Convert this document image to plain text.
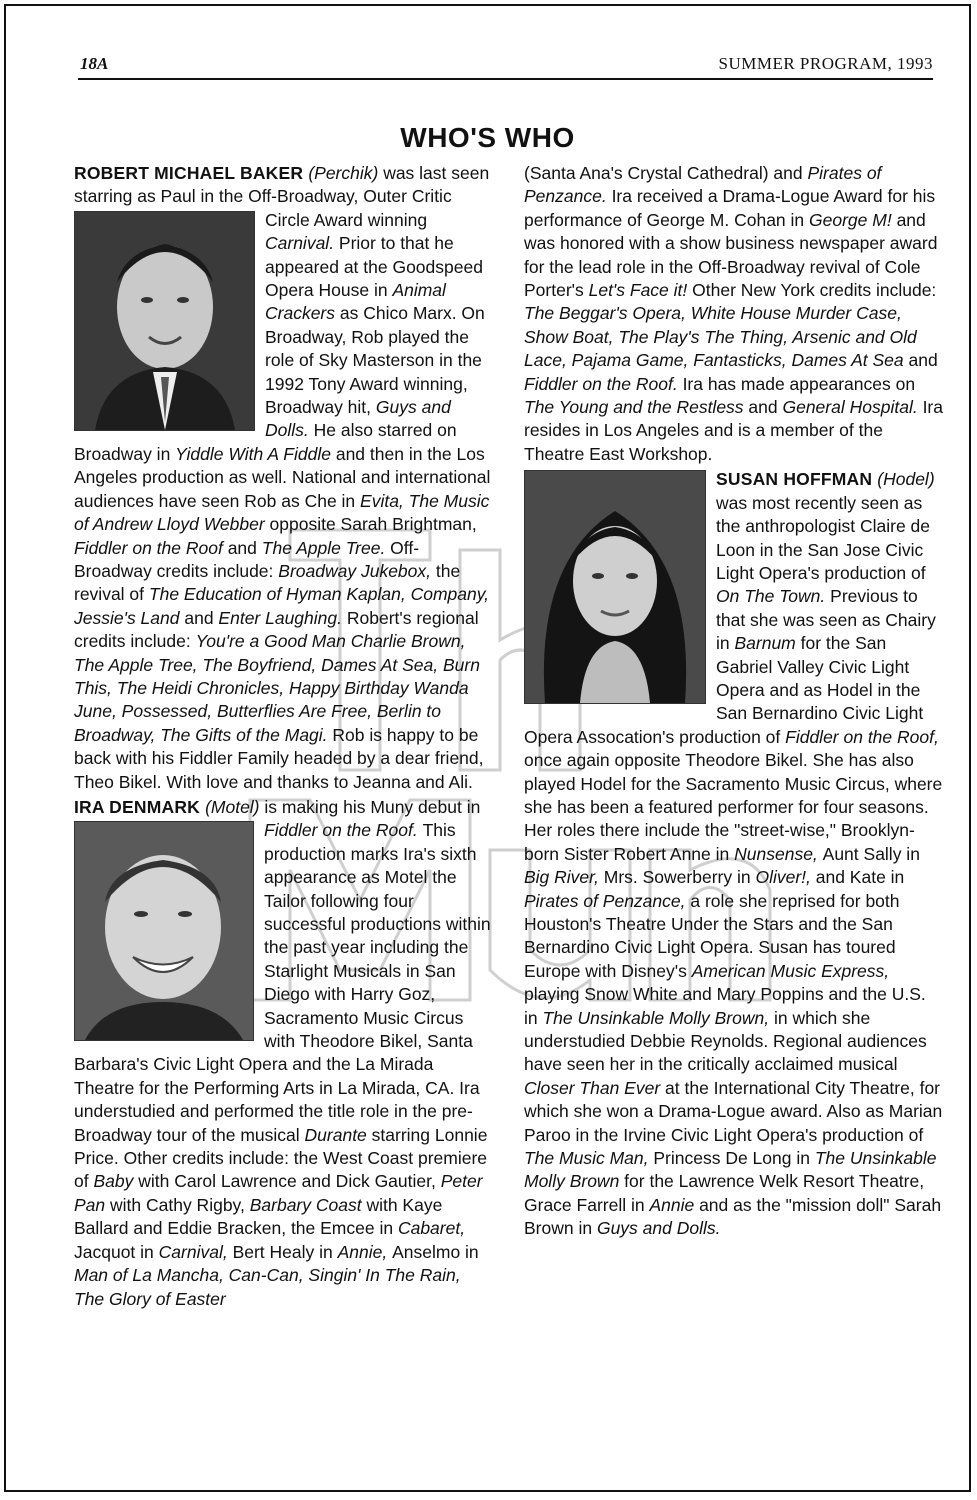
18A	SUMMER PROGRAM, 1993
WHO'S WHO

ROBERT MICHAEL BAKER (Perchik) was last seen starring as Paul in the Off-Broadway, Outer Critic Circle Award winning
Carnival. Prior to that he appeared at the Goodspeed Opera House in Animal Crackers as Chico Marx. On Broadway, Rob played the role of Sky Masterson in the 1992 Tony Award winning, Broadway hit, Guys and Dolls. He also starred on Broadway in Yiddle With A Fiddle and then in the Los Angeles production as well. National and international audiences have seen Rob as Che in Evita, The Music of Andrew Lloyd Webber opposite Sarah Brightman, Fiddler on the Roof and The Apple Tree. Off-Broadway credits include: Broadway Jukebox, the revival of The Education of Hyman Kaplan, Company, Jessie's Land and Enter Laughing. Robert's regional credits include: You're a Good Man Charlie Brown, The Apple Tree, The Boyfriend, Dames At Sea, Burn This, The Heidi Chronicles, Happy Birthday Wanda June, Possessed, Butterflies Are Free, Berlin to Broadway, The Gifts of the Magi. Rob is happy to be back with his Fiddler Family headed by a dear friend, Theo Bikel. With love and thanks to Jeanna and Ali.

IRA DENMARK (Motel) is making his Muny debut in Fiddler on the Roof.
This production marks Ira's sixth appearance as Motel the Tailor following four successful productions within the past year including the Starlight Musicals in San Diego with Harry Goz, Sacramento Music Circus with Theodore Bikel, Santa Barbara's Civic Light Opera and the La Mirada Theatre for the Performing Arts in La Mirada, CA. Ira understudied and performed the title role in the pre-Broadway tour of the musical Durante starring Lonnie Price. Other credits include: the West Coast premiere of Baby with Carol Lawrence and Dick Gautier, Peter Pan with Cathy Rigby, Barbary Coast with Kaye Ballard and Eddie Bracken, the Emcee in Cabaret, Jacquot in Carnival, Bert Healy in Annie, Anselmo in Man of La Mancha, Can-Can, Singin' In The Rain, The Glory of Easter

(Santa Ana's Crystal Cathedral) and Pirates of Penzance. Ira received a Drama-Logue Award for his performance of George M. Cohan in George M! and was honored with a show business newspaper award for the lead role in the Off-Broadway revival of Cole Porter's Let's Face it! Other New York credits include: The Beggar's Opera, White House Murder Case, Show Boat, The Play's The Thing, Arsenic and Old Lace, Pajama Game, Fantasticks, Dames At Sea and Fiddler on the Roof. Ira has made appearances on The Young and the Restless and General Hospital. Ira resides in Los Angeles and is a member of the Theatre East Workshop.

SUSAN HOFFMAN (Hodel)
was most recently seen as the anthropologist Claire de Loon in the San Jose Civic Light Opera's production of On The Town. Previous to that she was seen as Chairy in Barnum for the San Gabriel Valley Civic Light Opera and as Hodel in the San Bernardino Civic Light Opera Assocation's production of Fiddler on the Roof, once again opposite Theodore Bikel. She has also played Hodel for the Sacramento Music Circus, where she has been a featured performer for four seasons. Her roles there include the "street-wise," Brooklyn-born Sister Robert Anne in Nunsense, Aunt Sally in Big River, Mrs. Sowerberry in Oliver!, and Kate in Pirates of Penzance, a role she reprised for both Houston's Theatre Under the Stars and the San Bernardino Civic Light Opera. Susan has toured Europe with Disney's American Music Express, playing Snow White and Mary Poppins and the U.S. in The Unsinkable Molly Brown, in which she understudied Debbie Reynolds. Regional audiences have seen her in the critically acclaimed musical Closer Than Ever at the International City Theatre, for which she won a Drama-Logue award. Also as Marian Paroo in the Irvine Civic Light Opera's production of The Music Man, Princess De Long in The Unsinkable Molly Brown for the Lawrence Welk Resort Theatre, Grace Farrell in Annie and as the "mission doll" Sarah Brown in Guys and Dolls.
